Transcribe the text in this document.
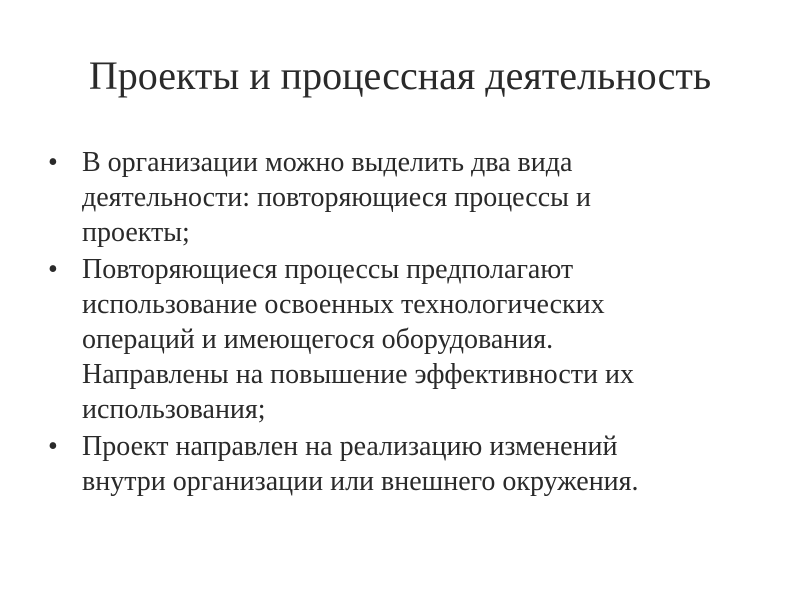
Проекты и процессная деятельность
• В организации можно выделить два вида
деятельности: повторяющиеся процессы и
проекты;
• Повторяющиеся процессы предполагают
использование освоенных технологических
операций и имеющегося оборудования.
Направлены на повышение эффективности их
использования;
• Проект направлен на реализацию изменений
внутри организации или внешнего окружения.
